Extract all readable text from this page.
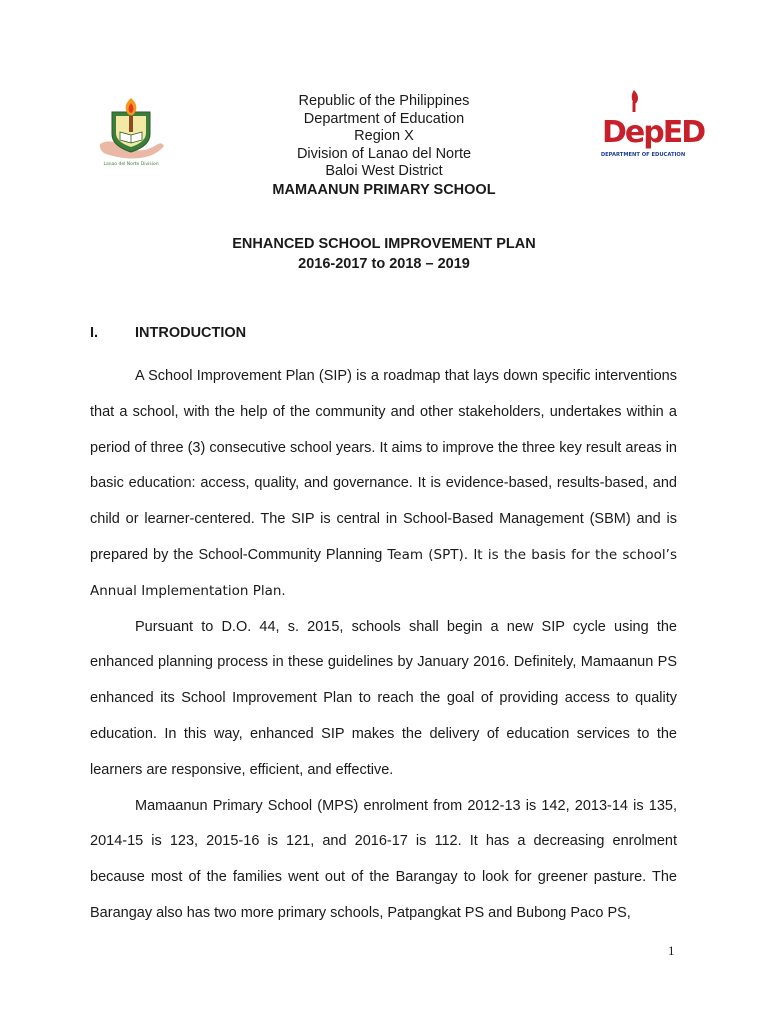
Lanao del Norte Division
Republic of the Philippines
Department of Education
Region X
Division of Lanao del Norte
Baloi West District
MAMAANUN PRIMARY SCHOOL
DepED
DEPARTMENT OF EDUCATION
ENHANCED SCHOOL IMPROVEMENT PLAN
2016-2017 to 2018 – 2019
I.	INTRODUCTION

A School Improvement Plan (SIP) is a roadmap that lays down specific interventions that a school, with the help of the community and other stakeholders, undertakes within a period of three (3) consecutive school years. It aims to improve the three key result areas in basic education: access, quality, and governance. It is evidence-based, results-based, and child or learner-centered. The SIP is central in School-Based Management (SBM) and is prepared by the School-Community Planning Team (SPT). It is the basis for the school’s Annual Implementation Plan.

Pursuant to D.O. 44, s. 2015, schools shall begin a new SIP cycle using the enhanced planning process in these guidelines by January 2016. Definitely, Mamaanun PS enhanced its School Improvement Plan to reach the goal of providing access to quality education. In this way, enhanced SIP makes the delivery of education services to the learners are responsive, efficient, and effective.

Mamaanun Primary School (MPS) enrolment from 2012-13 is 142, 2013-14 is 135, 2014-15 is 123, 2015-16 is 121, and 2016-17 is 112. It has a decreasing enrolment because most of the families went out of the Barangay to look for greener pasture. The Barangay also has two more primary schools, Patpangkat PS and Bubong Paco PS,

1
